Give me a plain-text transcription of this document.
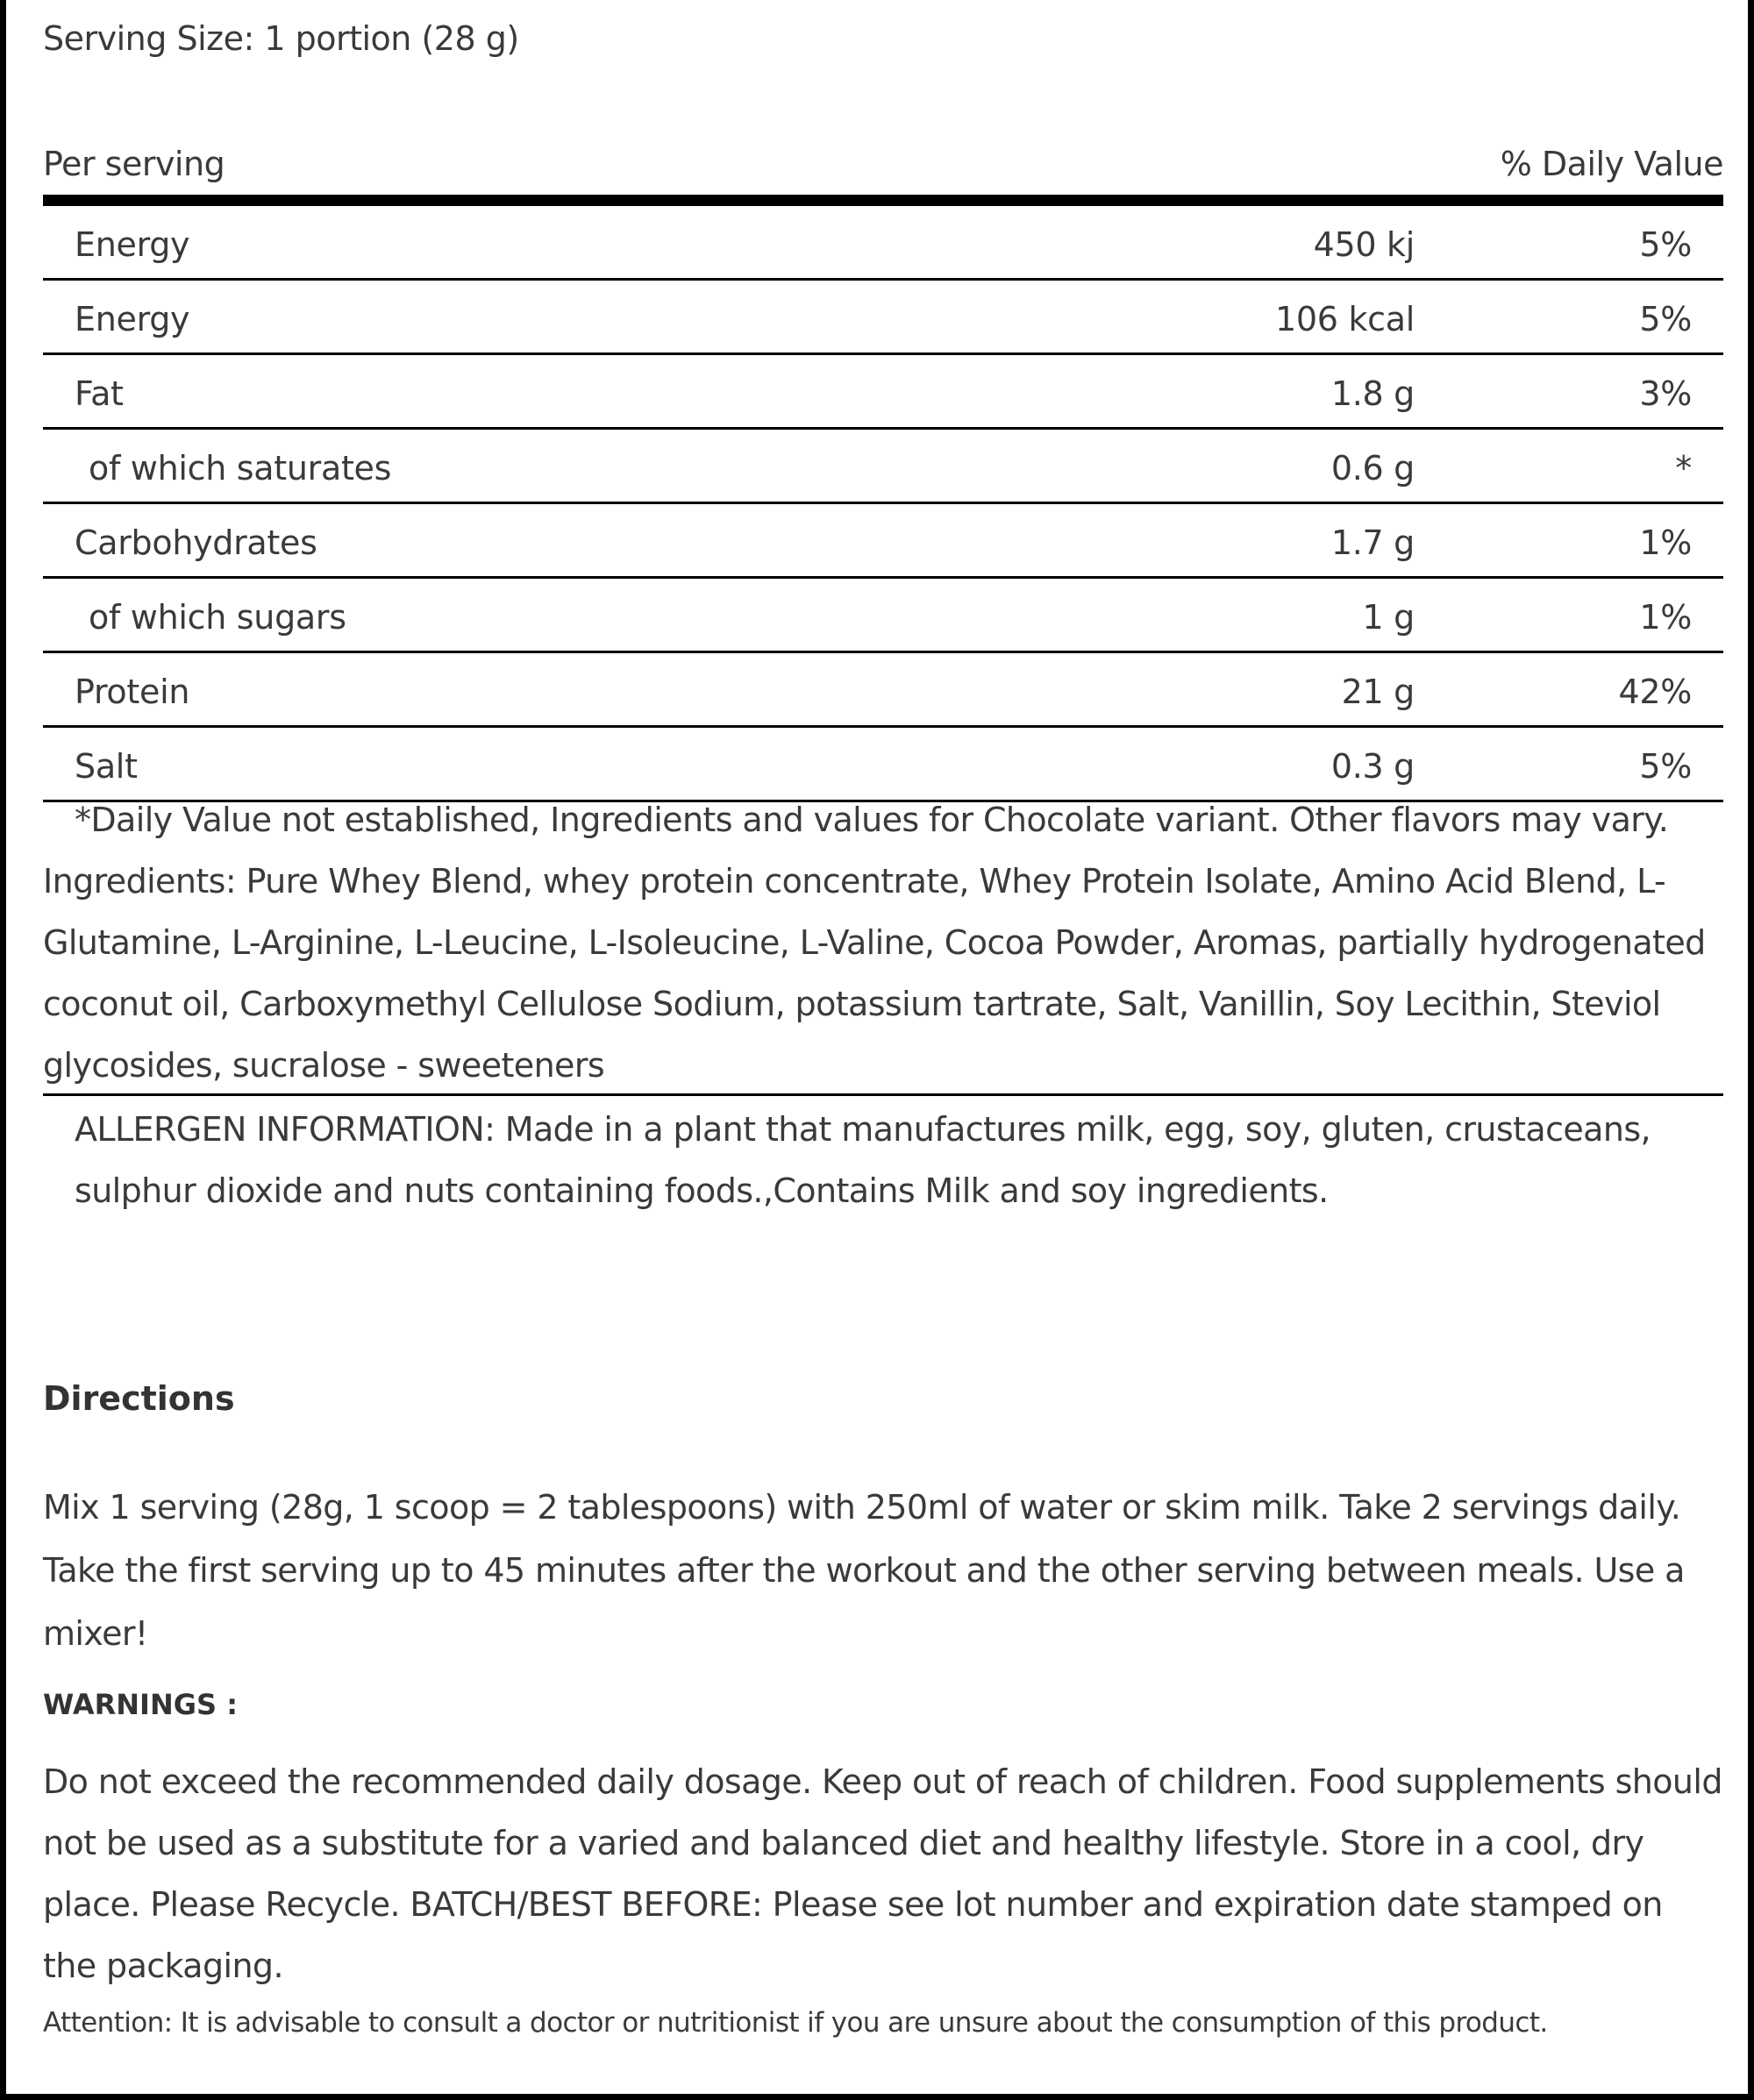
Serving Size: 1 portion (28 g)
Per serving	% Daily Value
Energy	450 kj	5%
Energy	106 kcal	5%
Fat	1.8 g	3%
of which saturates	0.6 g	*
Carbohydrates	1.7 g	1%
of which sugars	1 g	1%
Protein	21 g	42%
Salt	0.3 g	5%
*Daily Value not established, Ingredients and values for Chocolate variant. Other flavors may vary.
Ingredients: Pure Whey Blend, whey protein concentrate, Whey Protein Isolate, Amino Acid Blend, L-Glutamine, L-Arginine, L-Leucine, L-Isoleucine, L-Valine, Cocoa Powder, Aromas, partially hydrogenated coconut oil, Carboxymethyl Cellulose Sodium, potassium tartrate, Salt, Vanillin, Soy Lecithin, Steviol glycosides, sucralose - sweeteners
ALLERGEN INFORMATION: Made in a plant that manufactures milk, egg, soy, gluten, crustaceans, sulphur dioxide and nuts containing foods.,Contains Milk and soy ingredients.
Directions
Mix 1 serving (28g, 1 scoop = 2 tablespoons) with 250ml of water or skim milk. Take 2 servings daily. Take the first serving up to 45 minutes after the workout and the other serving between meals. Use a mixer!
WARNINGS :
Do not exceed the recommended daily dosage. Keep out of reach of children. Food supplements should not be used as a substitute for a varied and balanced diet and healthy lifestyle. Store in a cool, dry place. Please Recycle. BATCH/BEST BEFORE: Please see lot number and expiration date stamped on the packaging.
Attention: It is advisable to consult a doctor or nutritionist if you are unsure about the consumption of this product.
